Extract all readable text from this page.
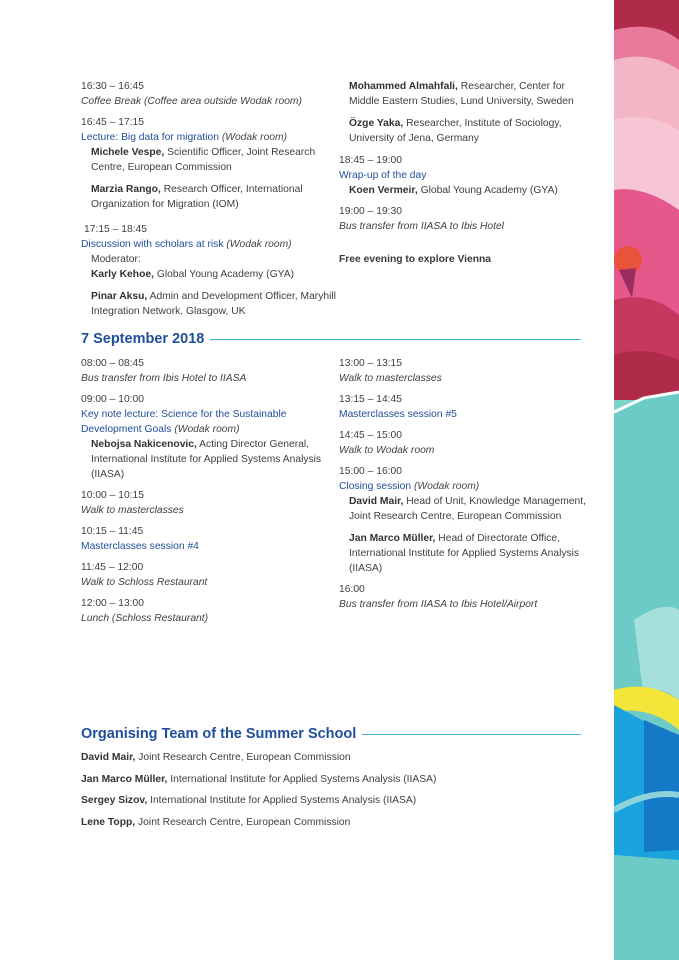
16:30 – 16:45
Coffee Break (Coffee area outside Wodak room)
16:45 – 17:15
Lecture: Big data for migration (Wodak room)
Michele Vespe, Scientific Officer, Joint Research Centre, European Commission
Marzia Rango, Research Officer, International Organization for Migration (IOM)
17:15 – 18:45
Discussion with scholars at risk (Wodak room)
Moderator:
Karly Kehoe, Global Young Academy (GYA)
Pinar Aksu, Admin and Development Officer, Maryhill Integration Network, Glasgow, UK
Mohammed Almahfali, Researcher, Center for Middle Eastern Studies, Lund University, Sweden
Özge Yaka, Researcher, Institute of Sociology, University of Jena, Germany
18:45 – 19:00
Wrap-up of the day
Koen Vermeir, Global Young Academy (GYA)
19:00 – 19:30
Bus transfer from IIASA to Ibis Hotel
Free evening to explore Vienna
7 September 2018
08:00 – 08:45
Bus transfer from Ibis Hotel to IIASA
09:00 – 10:00
Key note lecture: Science for the Sustainable Development Goals (Wodak room)
Nebojsa Nakicenovic, Acting Director General, International Institute for Applied Systems Analysis (IIASA)
10:00 – 10:15
Walk to masterclasses
10:15 – 11:45
Masterclasses session #4
11:45 – 12:00
Walk to Schloss Restaurant
12:00 – 13:00
Lunch (Schloss Restaurant)
13:00 – 13:15
Walk to masterclasses
13:15 – 14:45
Masterclasses session #5
14:45 – 15:00
Walk to Wodak room
15:00 – 16:00
Closing session (Wodak room)
David Mair, Head of Unit, Knowledge Management, Joint Research Centre, European Commission
Jan Marco Müller, Head of Directorate Office, International Institute for Applied Systems Analysis (IIASA)
16:00
Bus transfer from IIASA to Ibis Hotel/Airport
Organising Team of the Summer School
David Mair, Joint Research Centre, European Commission
Jan Marco Müller, International Institute for Applied Systems Analysis (IIASA)
Sergey Sizov, International Institute for Applied Systems Analysis (IIASA)
Lene Topp, Joint Research Centre, European Commission
